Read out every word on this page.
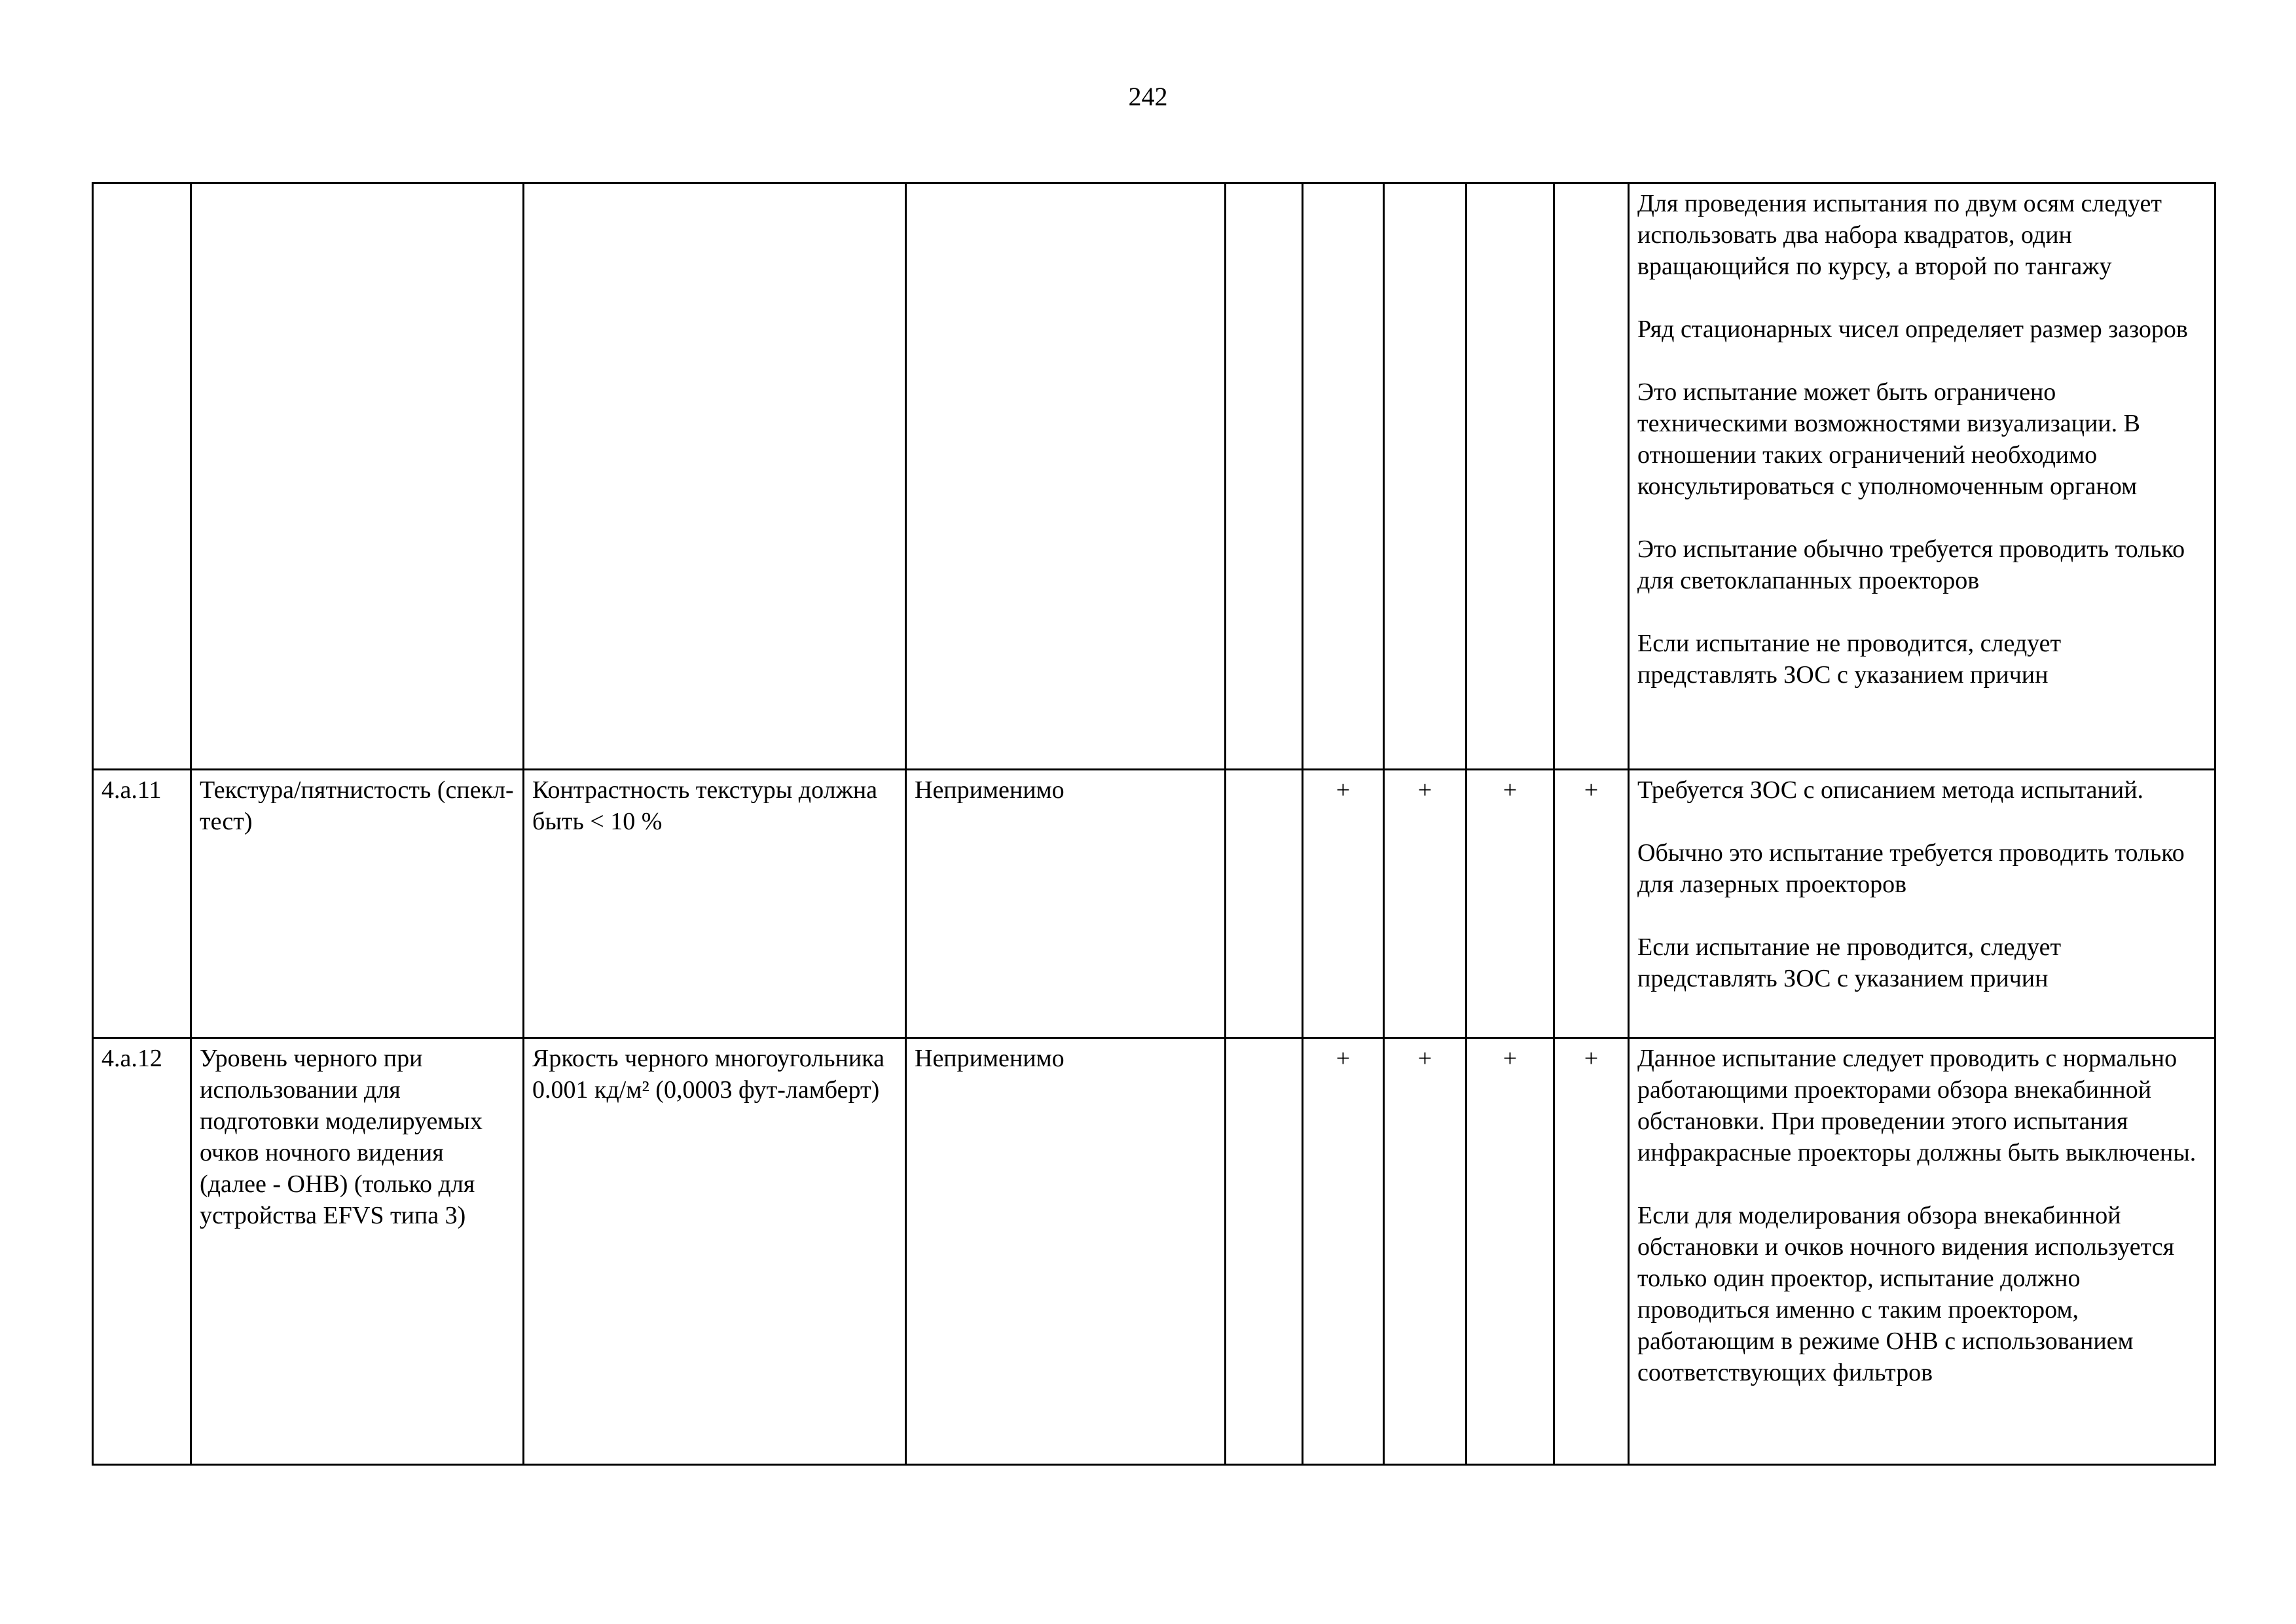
242

									Для проведения испытания по двум осям следует использовать два набора квадратов, один вращающийся по курсу, а второй по тангажу
Ряд стационарных чисел определяет размер зазоров
Это испытание может быть ограничено техническими возможностями визуализации. В отношении таких ограничений необходимо консультироваться с уполномоченным органом
Это испытание обычно требуется проводить только для светоклапанных проекторов
Если испытание не проводится, следует представлять ЗОС с указанием причин

4.a.11	Текстура/пятнистость (спекл-тест)	Контрастность текстуры должна быть < 10 %	Неприменимо		+	+	+	+	Требуется ЗОС с описанием метода испытаний.
Обычно это испытание требуется проводить только для лазерных проекторов
Если испытание не проводится, следует представлять ЗОС с указанием причин

4.a.12	Уровень черного при использовании для подготовки моделируемых очков ночного видения (далее - ОНВ) (только для устройства EFVS типа 3)	Яркость черного многоугольника 0.001 кд/м² (0,0003 фут-ламберт)	Неприменимо		+	+	+	+	Данное испытание следует проводить с нормально работающими проекторами обзора внекабинной обстановки. При проведении этого испытания инфракрасные проекторы должны быть выключены.
Если для моделирования обзора внекабинной обстановки и очков ночного видения используется только один проектор, испытание должно проводиться именно с таким проектором, работающим в режиме ОНВ с использованием соответствующих фильтров
